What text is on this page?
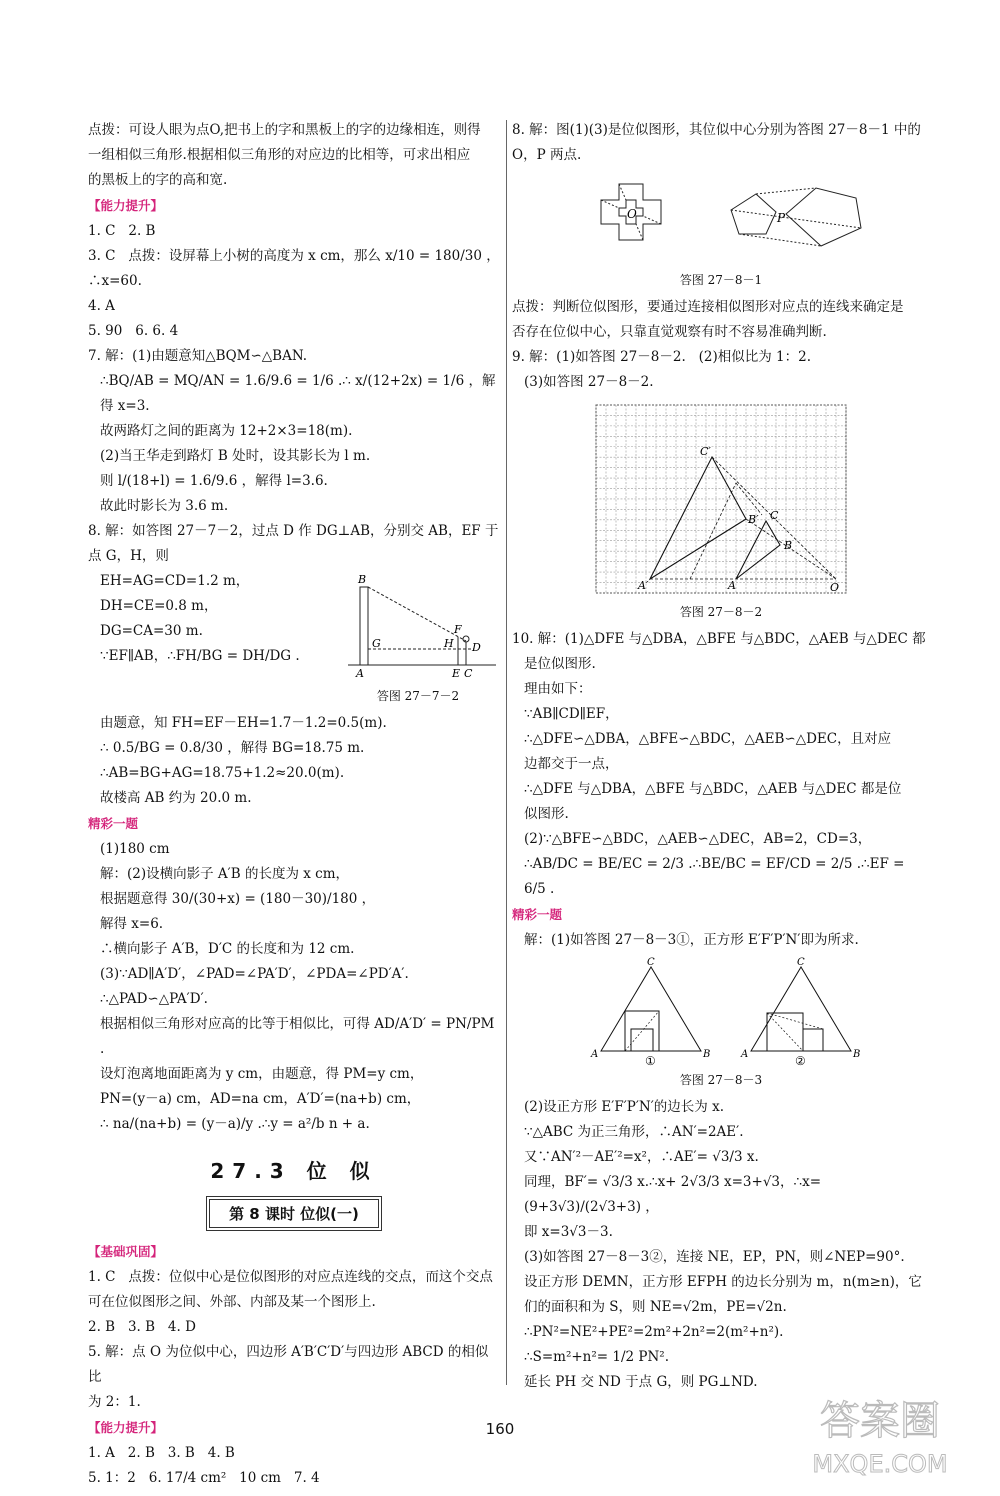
点拨：可设人眼为点O,把书上的字和黑板上的字的边缘相连，则得

一组相似三角形.根据相似三角形的对应边的比相等，可求出相应

的黑板上的字的高和宽.

【能力提升】

1. C   2. B

3. C   点拨：设屏幕上小树的高度为 x cm，那么 x/10 = 180/30 ，∴x=60.

4. A

5. 90   6. 6. 4

7. 解：(1)由题意知△BQM∽△BAN.

∴BQ/AB = MQ/AN = 1.6/9.6 = 1/6 .∴ x/(12+2x) = 1/6 ，解得 x=3.

故两路灯之间的距离为 12+2×3=18(m).

(2)当王华走到路灯 B 处时，设其影长为 l m.

则 l/(18+l) = 1.6/9.6 ，解得 l=3.6.

故此时影长为 3.6 m.

8. 解：如答图 27－7－2，过点 D 作 DG⊥AB，分别交 AB，EF 于点 G，H，则

EH=AG=CD=1.2 m，

DH=CE=0.8 m，

DG=CA=30 m.

∵EF∥AB，∴FH/BG = DH/DG .

B
G
A
H
F
D
E C
答图 27－7－2

由题意，知 FH=EF－EH=1.7－1.2=0.5(m).

∴ 0.5/BG = 0.8/30 ，解得 BG=18.75 m.

∴AB=BG+AG=18.75+1.2≈20.0(m).

故楼高 AB 约为 20.0 m.

精彩一题

(1)180 cm

解：(2)设横向影子 A′B 的长度为 x cm，

根据题意得 30/(30+x) = (180－30)/180 ，

解得 x=6.

∴横向影子 A′B，D′C 的长度和为 12 cm.

(3)∵AD∥A′D′，∠PAD=∠PA′D′，∠PDA=∠PD′A′.

∴△PAD∽△PA′D′.

根据相似三角形对应高的比等于相似比，可得 AD/A′D′ = PN/PM .

设灯泡离地面距离为 y cm，由题意，得 PM=y cm，

PN=(y－a) cm，AD=na cm，A′D′=(na+b) cm，

∴ na/(na+b) = (y－a)/y .∴y = a²/b n + a.

27.3 位 似
第 8 课时 位似(一)
【基础巩固】

1. C   点拨：位似中心是位似图形的对应点连线的交点，而这个交点

可在位似图形之间、外部、内部及某一个图形上.

2. B   3. B   4. D

5. 解：点 O 为位似中心，四边形 A′B′C′D′与四边形 ABCD 的相似比

为 2：1.

【能力提升】

1. A   2. B   3. B   4. B

5. 1：2   6. 17/4 cm²   10 cm   7. 4

8. 解：图(1)(3)是位似图形，其位似中心分别为答图 27－8－1 中的

O，P 两点.

O	P
答图 27－8－1

点拨：判断位似图形，要通过连接相似图形对应点的连线来确定是

否存在位似中心，只靠直觉观察有时不容易准确判断.

9. 解：(1)如答图 27－8－2.   (2)相似比为 1：2.

(3)如答图 27－8－2.

A′
C′
B′
A
C
B
O
答图 27－8－2

10. 解：(1)△DFE 与△DBA，△BFE 与△BDC，△AEB 与△DEC 都

是位似图形.

理由如下：

∵AB∥CD∥EF，

∴△DFE∽△DBA，△BFE∽△BDC，△AEB∽△DEC，且对应

边都交于一点，

∴△DFE 与△DBA，△BFE 与△BDC，△AEB 与△DEC 都是位

似图形.

(2)∵△BFE∽△BDC，△AEB∽△DEC，AB=2，CD=3，

∴AB/DC = BE/EC = 2/3 .∴BE/BC = EF/CD = 2/5 .∴EF = 6/5 .

精彩一题

解：(1)如答图 27－8－3①，正方形 E′F′P′N′即为所求.

C
A	B
C
A	B
①	②
答图 27－8－3

(2)设正方形 E′F′P′N′的边长为 x.

∵△ABC 为正三角形，∴AN′=2AE′.

又∵AN′²－AE′²=x²，∴AE′= √3/3 x.

同理，BF′= √3/3 x.∴x+ 2√3/3 x=3+√3，∴x= (9+3√3)/(2√3+3) ，

即 x=3√3－3.

(3)如答图 27－8－3②，连接 NE，EP，PN，则∠NEP=90°.

设正方形 DEMN，正方形 EFPH 的边长分别为 m，n(m≥n)，它

们的面积和为 S，则 NE=√2m，PE=√2n.

∴PN²=NE²+PE²=2m²+2n²=2(m²+n²).

∴S=m²+n²= 1/2 PN².

延长 PH 交 ND 于点 G，则 PG⊥ND.

160	答案圈
MXQE.COM
